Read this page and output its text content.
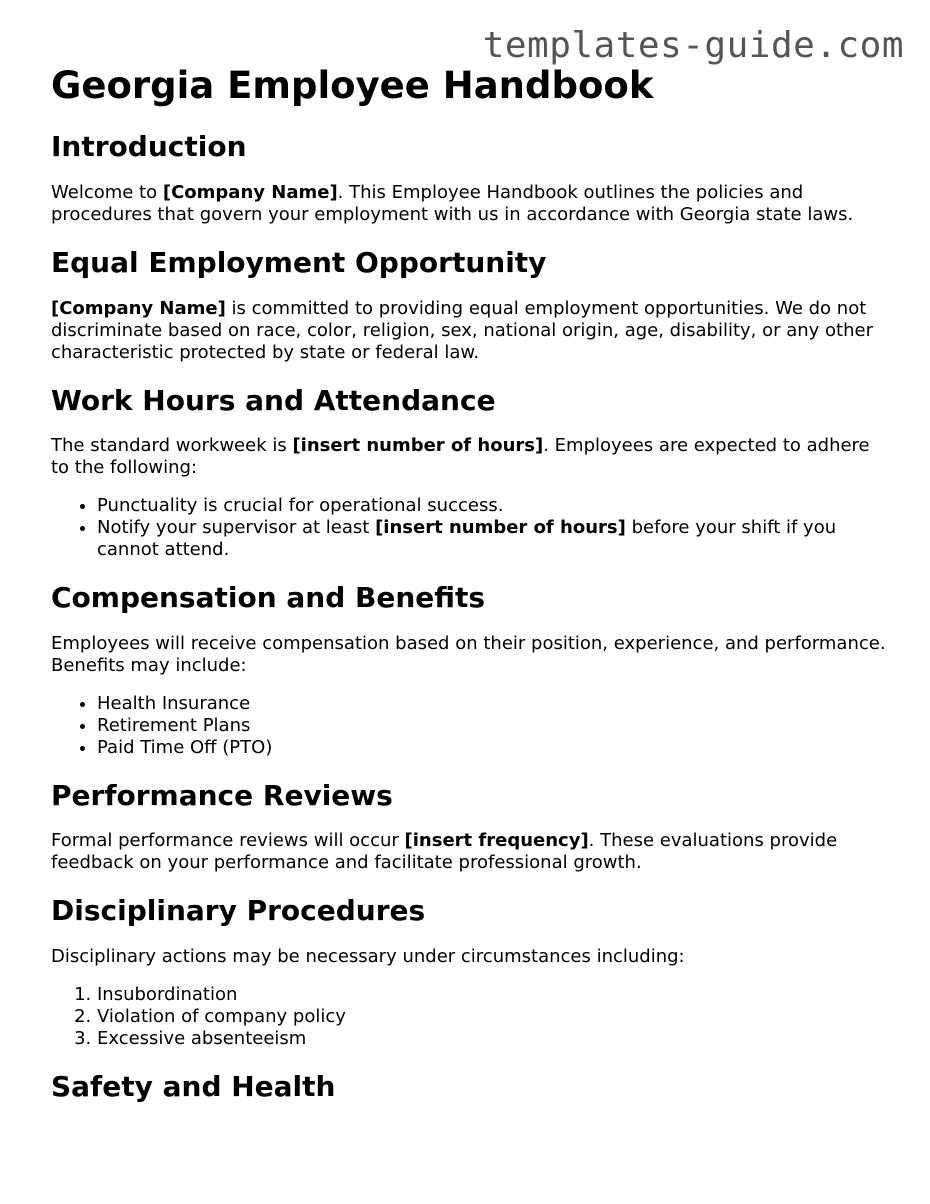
templates-guide.com
Georgia Employee Handbook
Introduction

Welcome to [Company Name]. This Employee Handbook outlines the policies and procedures that govern your employment with us in accordance with Georgia state laws.

Equal Employment Opportunity

[Company Name] is committed to providing equal employment opportunities. We do not discriminate based on race, color, religion, sex, national origin, age, disability, or any other characteristic protected by state or federal law.

Work Hours and Attendance

The standard workweek is [insert number of hours]. Employees are expected to adhere to the following:

• Punctuality is crucial for operational success.
• Notify your supervisor at least [insert number of hours] before your shift if you cannot attend.
Compensation and Benefits

Employees will receive compensation based on their position, experience, and performance. Benefits may include:

• Health Insurance
• Retirement Plans
• Paid Time Off (PTO)
Performance Reviews

Formal performance reviews will occur [insert frequency]. These evaluations provide feedback on your performance and facilitate professional growth.

Disciplinary Procedures

Disciplinary actions may be necessary under circumstances including:

1. Insubordination
2. Violation of company policy
3. Excessive absenteeism
Safety and Health
